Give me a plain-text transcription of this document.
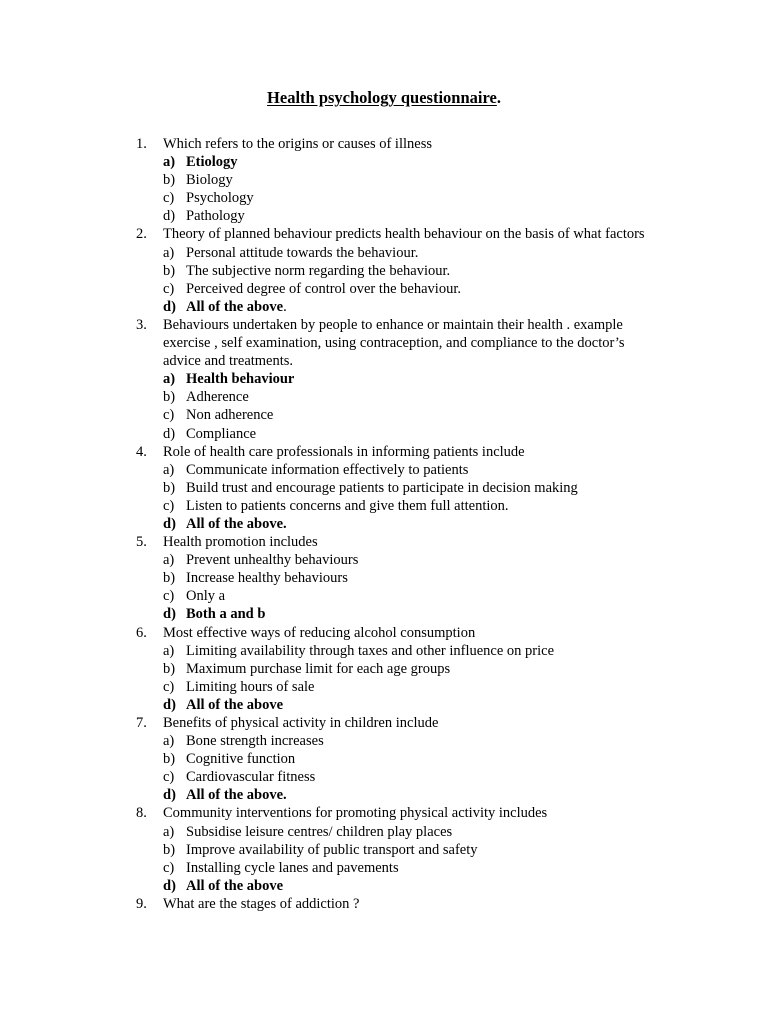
Health psychology questionnaire.
1.	Which refers to the origins or causes of illness
a) Etiology
b) Biology
c) Psychology
d) Pathology
2.	Theory of planned behaviour predicts health behaviour on the basis of what factors
a) Personal attitude towards the behaviour.
b) The subjective norm regarding the behaviour.
c) Perceived degree of control over the behaviour.
d) All of the above.
3.	Behaviours undertaken by people to enhance or maintain their health . example exercise , self examination, using contraception, and compliance to the doctor’s advice and treatments.
a) Health behaviour
b) Adherence
c) Non adherence
d) Compliance
4.	Role of health care professionals in informing patients include
a) Communicate information effectively to patients
b) Build trust and encourage patients to participate in decision making
c) Listen to patients concerns and give them full attention.
d) All of the above.
5.	Health promotion includes
a) Prevent unhealthy behaviours
b) Increase healthy behaviours
c) Only a
d) Both a and b
6.	Most effective ways of reducing alcohol consumption
a) Limiting availability through taxes and other influence on price
b) Maximum purchase limit for each age groups
c) Limiting hours of sale
d) All of the above
7.	Benefits of physical activity in children include
a) Bone strength increases
b) Cognitive function
c) Cardiovascular fitness
d) All of the above.
8.	Community interventions for promoting physical activity includes
a) Subsidise leisure centres/ children play places
b) Improve availability of public transport and safety
c) Installing cycle lanes and pavements
d) All of the above
9.	What are the stages of addiction ?
